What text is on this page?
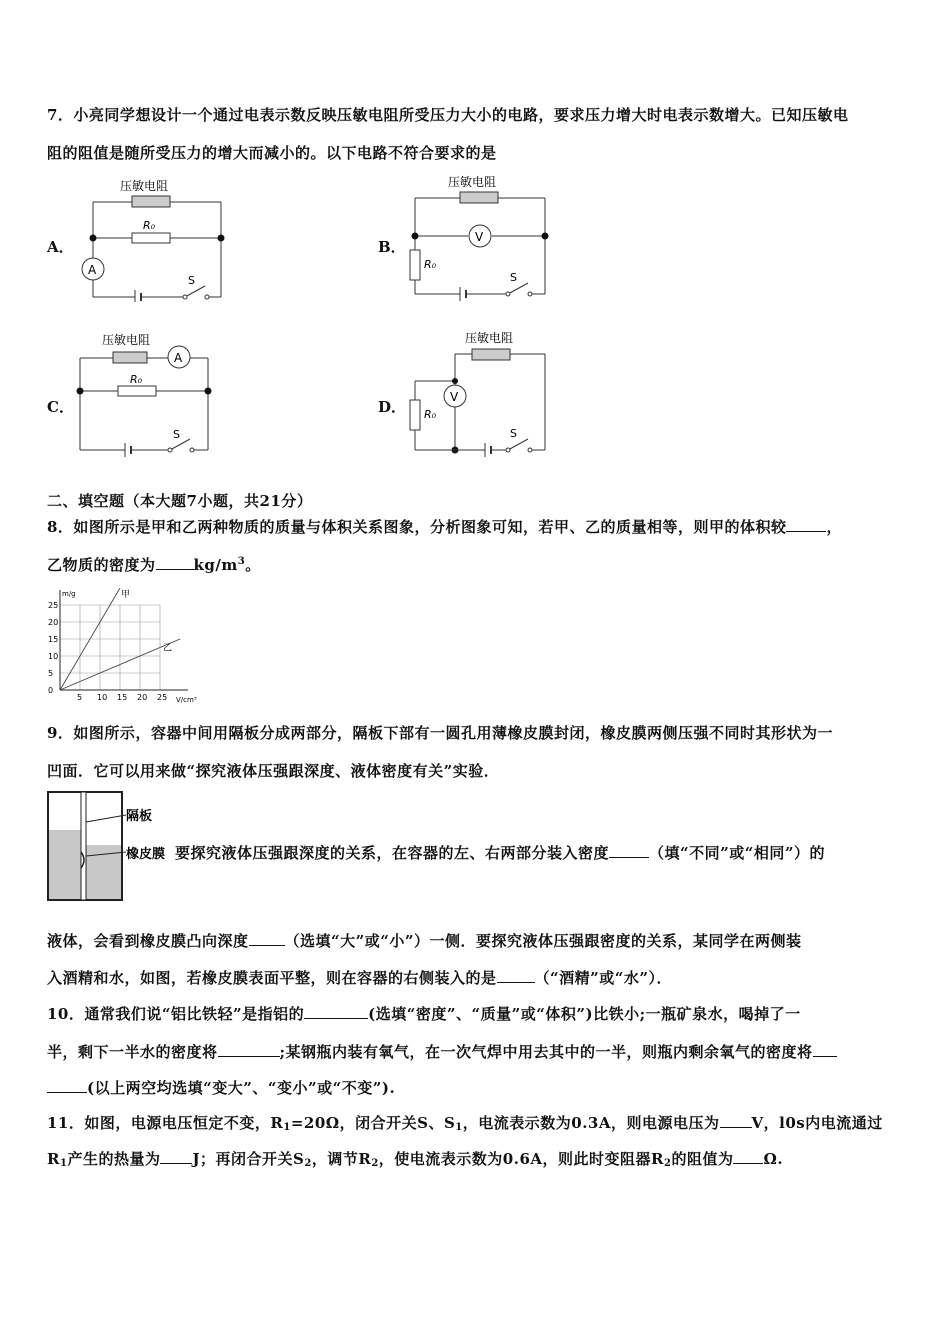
7．小亮同学想设计一个通过电表示数反映压敏电阻所受压力大小的电路，要求压力增大时电表示数增大。已知压敏电
阻的阻值是随所受压力的增大而减小的。以下电路不符合要求的是
A．
压敏电阻
R₀
A
S
B．
压敏电阻
V
R₀
S
C．
压敏电阻
A
R₀
S
D．
压敏电阻
V
R₀
S
二、填空题（本大题7小题，共21分）
8．如图所示是甲和乙两种物质的质量与体积关系图象，分析图象可知，若甲、乙的质量相等，则甲的体积较	，
乙物质的密度为	$kg/m^3$。
5 10 15 20 25
0
5
10
15
20
25
m/g
V/cm³
甲
乙
9．如图所示，容器中间用隔板分成两部分，隔板下部有一圆孔用薄橡皮膜封闭，橡皮膜两侧压强不同时其形状为一
凹面．它可以用来做“探究液体压强跟深度、液体密度有关”实验．
隔板
橡皮膜 要探究液体压强跟深度的关系，在容器的左、右两部分装入密度	（填“不同”或“相同”）的
液体，会看到橡皮膜凸向深度 （选填“大”或“小”）一侧．要探究液体压强跟密度的关系，某同学在两侧装
入酒精和水，如图，若橡皮膜表面平整，则在容器的右侧装入的是	（“酒精”或“水”）．
10．通常我们说“铝比铁轻”是指铝的	(选填“密度”、“质量”或“体积”)比铁小;一瓶矿泉水，喝掉了一
半，剩下一半水的密度将	;某钢瓶内装有氧气，在一次气焊中用去其中的一半，则瓶内剩余氧气的密度将
(以上两空均选填“变大”、“变小”或“不变”).
11．如图，电源电压恒定不变，$R_1=20\Omega$，闭合开关S、$S_1$，电流表示数为0.3A，则电源电压为 V，l0s内电流通过
$R_1$产生的热量为 J；再闭合开关$S_2$，调节$R_2$，使电流表示数为0.6A，则此时变阻器$R_2$的阻值为 Ω.
